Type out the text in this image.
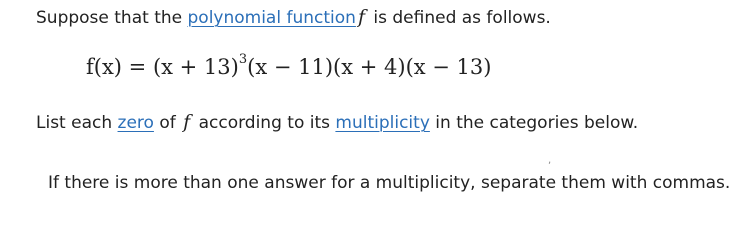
Suppose that the polynomial function f is defined as follows.
$f(x) = (x + 13)^3(x - 11)(x + 4)(x - 13)$
List each zero of f according to its multiplicity in the categories below.
,
If there is more than one answer for a multiplicity, separate them with commas.
